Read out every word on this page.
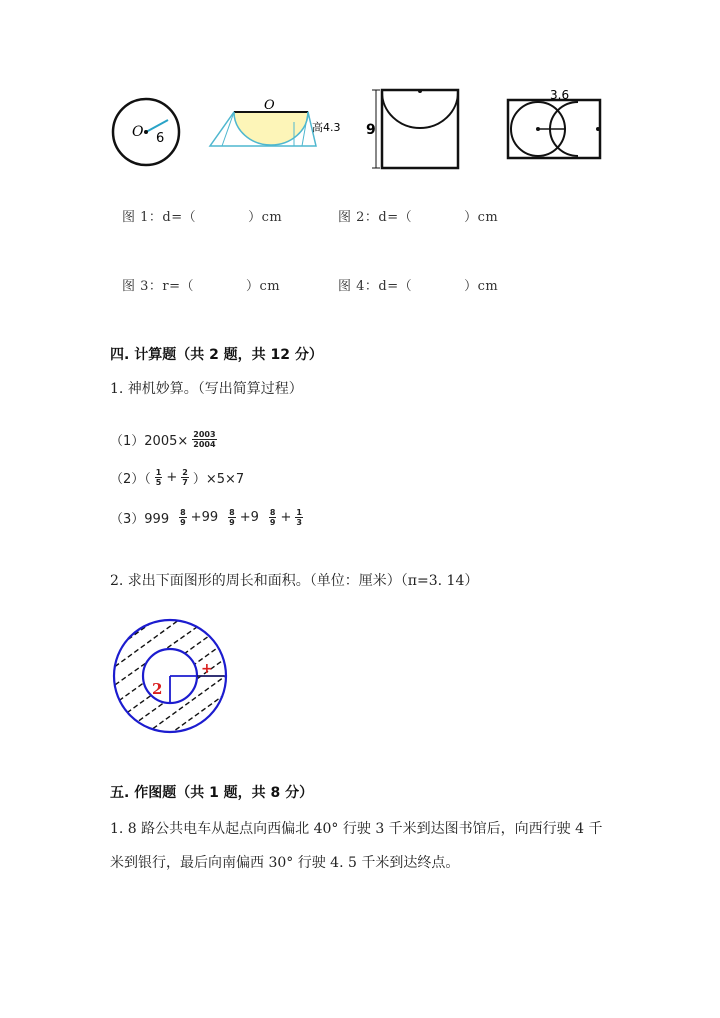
O 6
O
高4.3 9
3.6
图 1：d=（	）cm	图 2：d=（	）cm
图 3：r=（	）cm	图 4：d=（	）cm
四. 计算题（共 2 题，共 12 分）
1. 神机妙算。（写出简算过程）
$(1)2005\times \frac{2003}{2004}$
$(2)( \frac{1}{5} + \frac{2}{7} )\times 5\times 7$
$(3)999 \frac{8}{9} +99 \frac{8}{9} +9 \frac{8}{9} + \frac{1}{3}$
2. 求出下面图形的周长和面积。（单位：厘米）（π=3. 14）
2
+
五. 作图题（共 1 题，共 8 分）
1. 8 路公共电车从起点向西偏北 40° 行驶 3 千米到达图书馆后，向西行驶 4 千
米到银行，最后向南偏西 30° 行驶 4. 5 千米到达终点。
